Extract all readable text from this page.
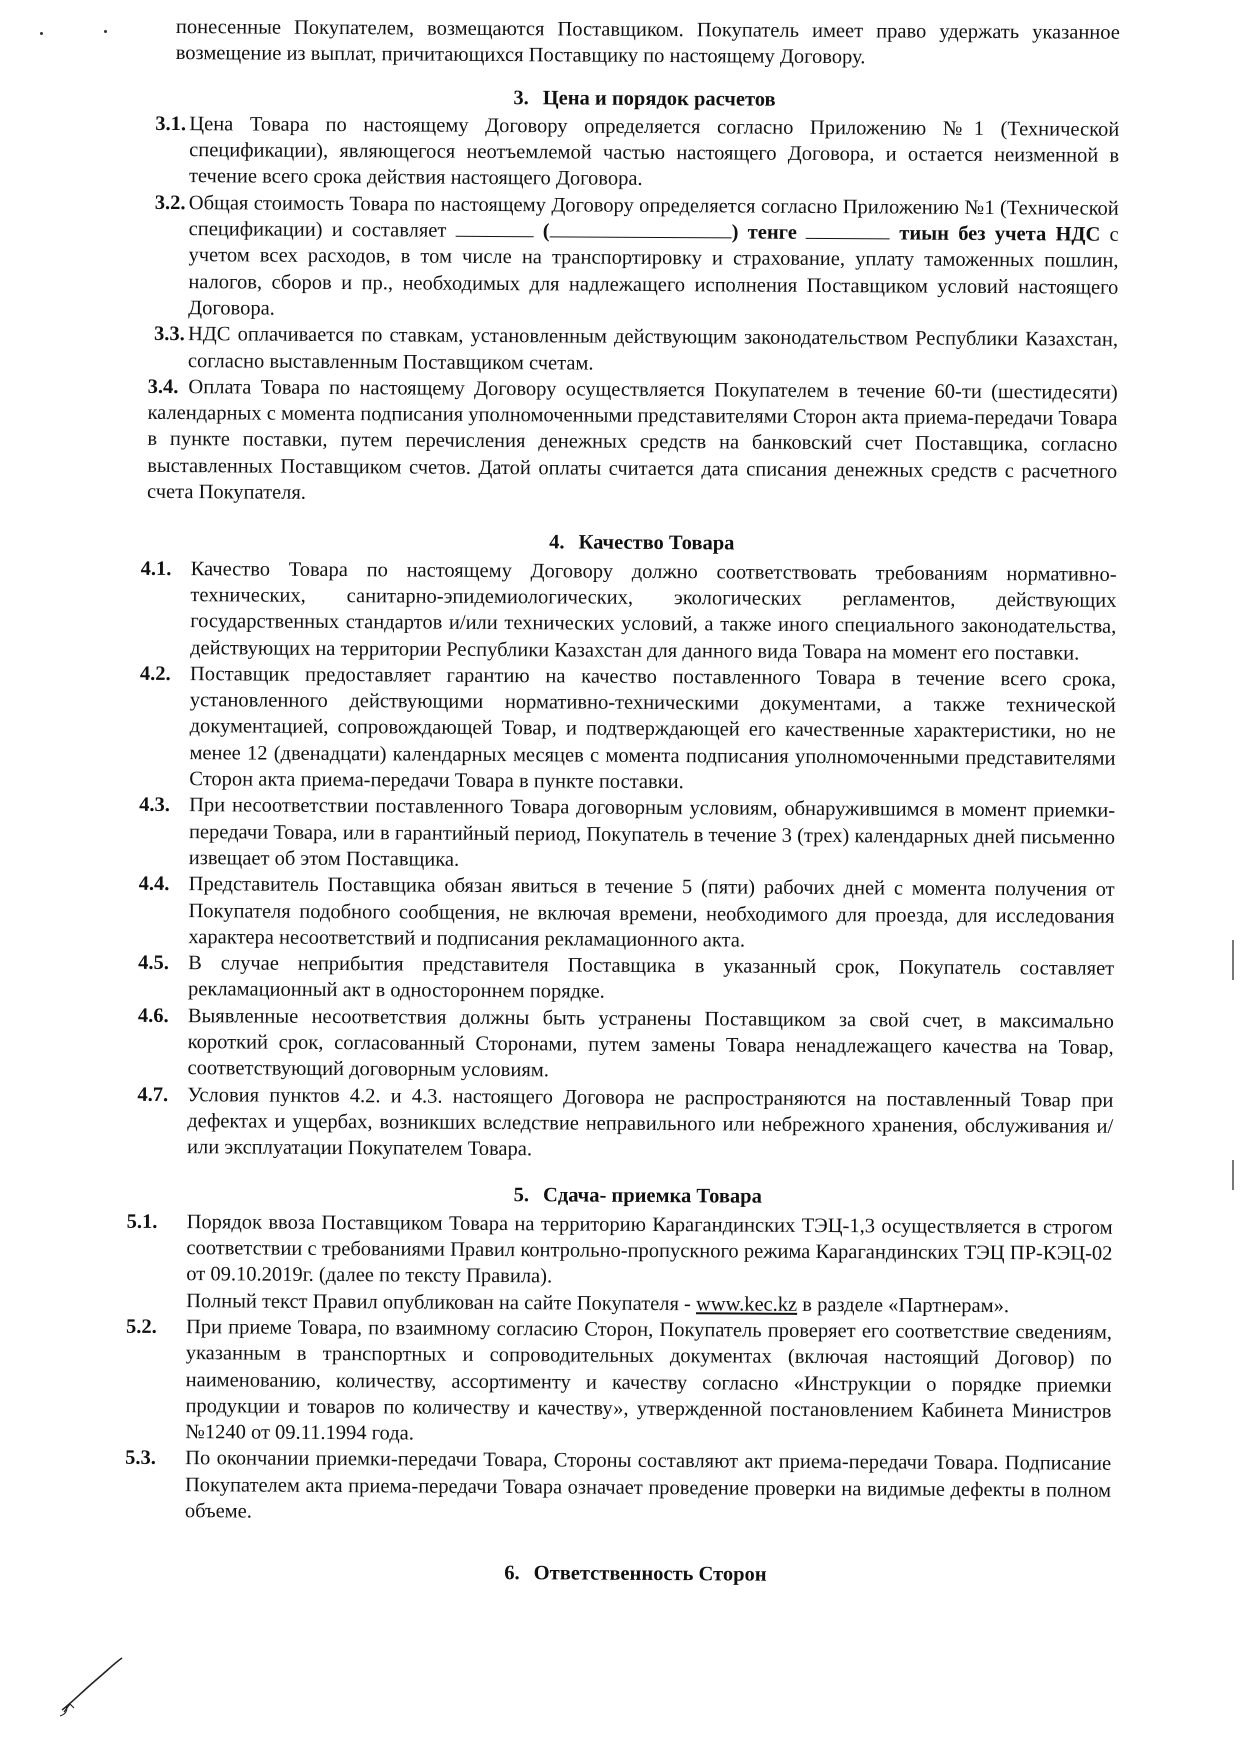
понесенные Покупателем, возмещаются Поставщиком. Покупатель имеет право удержать указанное возмещение из выплат, причитающихся Поставщику по настоящему Договору.

3. Цена и порядок расчетов
3.1. Цена Товара по настоящему Договору определяется согласно Приложению №1 (Технической спецификации), являющегося неотъемлемой частью настоящего Договора, и остается неизменной в течение всего срока действия настоящего Договора.
3.2. Общая стоимость Товара по настоящему Договору определяется согласно Приложению №1 (Технической спецификации) и составляет	(	) тенге	тиын без учета НДС с учетом всех расходов, в том числе на транспортировку и страхование, уплату таможенных пошлин, налогов, сборов и пр., необходимых для надлежащего исполнения Поставщиком условий настоящего Договора.
3.3. НДС оплачивается по ставкам, установленным действующим законодательством Республики Казахстан, согласно выставленным Поставщиком счетам.
3.4. Оплата Товара по настоящему Договору осуществляется Покупателем в течение 60-ти (шестидесяти) календарных с момента подписания уполномоченными представителями Сторон акта приема-передачи Товара в пункте поставки, путем перечисления денежных средств на банковский счет Поставщика, согласно выставленных Поставщиком счетов. Датой оплаты считается дата списания денежных средств с расчетного счета Покупателя.
4. Качество Товара
4.1. Качество Товара по настоящему Договору должно соответствовать требованиям нормативно-технических, санитарно-эпидемиологических, экологических регламентов, действующих государственных стандартов и/или технических условий, а также иного специального законодательства, действующих на территории Республики Казахстан для данного вида Товара на момент его поставки.
4.2. Поставщик предоставляет гарантию на качество поставленного Товара в течение всего срока, установленного действующими нормативно-техническими документами, а также технической документацией, сопровождающей Товар, и подтверждающей его качественные характеристики, но не менее 12 (двенадцати) календарных месяцев с момента подписания уполномоченными представителями Сторон акта приема-передачи Товара в пункте поставки.
4.3. При несоответствии поставленного Товара договорным условиям, обнаружившимся в момент приемки-передачи Товара, или в гарантийный период, Покупатель в течение 3 (трех) календарных дней письменно извещает об этом Поставщика.
4.4. Представитель Поставщика обязан явиться в течение 5 (пяти) рабочих дней с момента получения от Покупателя подобного сообщения, не включая времени, необходимого для проезда, для исследования характера несоответствий и подписания рекламационного акта.
4.5. В случае неприбытия представителя Поставщика в указанный срок, Покупатель составляет рекламационный акт в одностороннем порядке.
4.6. Выявленные несоответствия должны быть устранены Поставщиком за свой счет, в максимально короткий срок, согласованный Сторонами, путем замены Товара ненадлежащего качества на Товар, соответствующий договорным условиям.
4.7. Условия пунктов 4.2. и 4.3. настоящего Договора не распространяются на поставленный Товар при дефектах и ущербах, возникших вследствие неправильного или небрежного хранения, обслуживания и/или эксплуатации Покупателем Товара.
5. Сдача- приемка Товара
5.1. Порядок ввоза Поставщиком Товара на территорию Карагандинских ТЭЦ-1,3 осуществляется в строгом соответствии с требованиями Правил контрольно-пропускного режима Карагандинских ТЭЦ ПР-КЭЦ-02 от 09.10.2019г. (далее по тексту Правила).
Полный текст Правил опубликован на сайте Покупателя - www.kec.kz в разделе «Партнерам».
5.2. При приеме Товара, по взаимному согласию Сторон, Покупатель проверяет его соответствие сведениям, указанным в транспортных и сопроводительных документах (включая настоящий Договор) по наименованию, количеству, ассортименту и качеству согласно «Инструкции о порядке приемки продукции и товаров по количеству и качеству», утвержденной постановлением Кабинета Министров №1240 от 09.11.1994 года.
5.3. По окончании приемки-передачи Товара, Стороны составляют акт приема-передачи Товара. Подписание Покупателем акта приема-передачи Товара означает проведение проверки на видимые дефекты в полном объеме.
6. Ответственность Сторон
